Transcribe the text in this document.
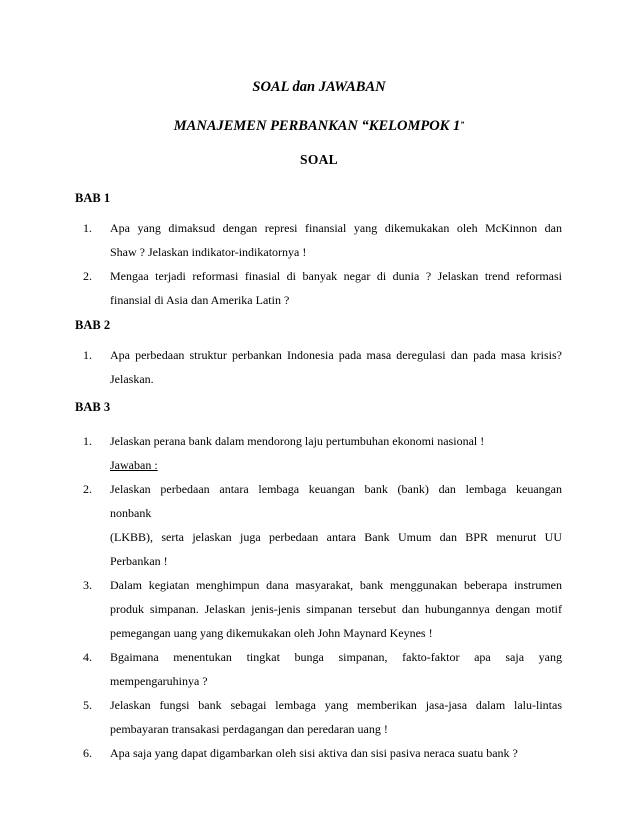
SOAL dan JAWABAN
MANAJEMEN PERBANKAN “KELOMPOK 1”
SOAL
BAB 1
1.	Apa yang dimaksud dengan represi finansial yang dikemukakan oleh McKinnon dan
Shaw ? Jelaskan indikator-indikatornya !
2.	Mengaa terjadi reformasi finasial di banyak negar di dunia ? Jelaskan trend reformasi
finansial di Asia dan Amerika Latin ?
BAB 2
1.	Apa perbedaan struktur perbankan Indonesia pada masa deregulasi dan pada masa krisis?
Jelaskan.
BAB 3
1.	Jelaskan perana bank dalam mendorong laju pertumbuhan ekonomi nasional !
Jawaban :
2.	Jelaskan perbedaan antara lembaga keuangan bank (bank) dan lembaga keuangan
nonbank
(LKBB), serta jelaskan juga perbedaan antara Bank Umum dan BPR menurut UU
Perbankan !
3.	Dalam kegiatan menghimpun dana masyarakat, bank menggunakan beberapa instrumen
produk simpanan. Jelaskan jenis-jenis simpanan tersebut dan hubungannya dengan motif
pemegangan uang yang dikemukakan oleh John Maynard Keynes !
4.	Bgaimana menentukan tingkat bunga simpanan, fakto-faktor apa saja yang
mempengaruhinya ?
5.	Jelaskan fungsi bank sebagai lembaga yang memberikan jasa-jasa dalam lalu-lintas
pembayaran transakasi perdagangan dan peredaran uang !
6.	Apa saja yang dapat digambarkan oleh sisi aktiva dan sisi pasiva neraca suatu bank ?
